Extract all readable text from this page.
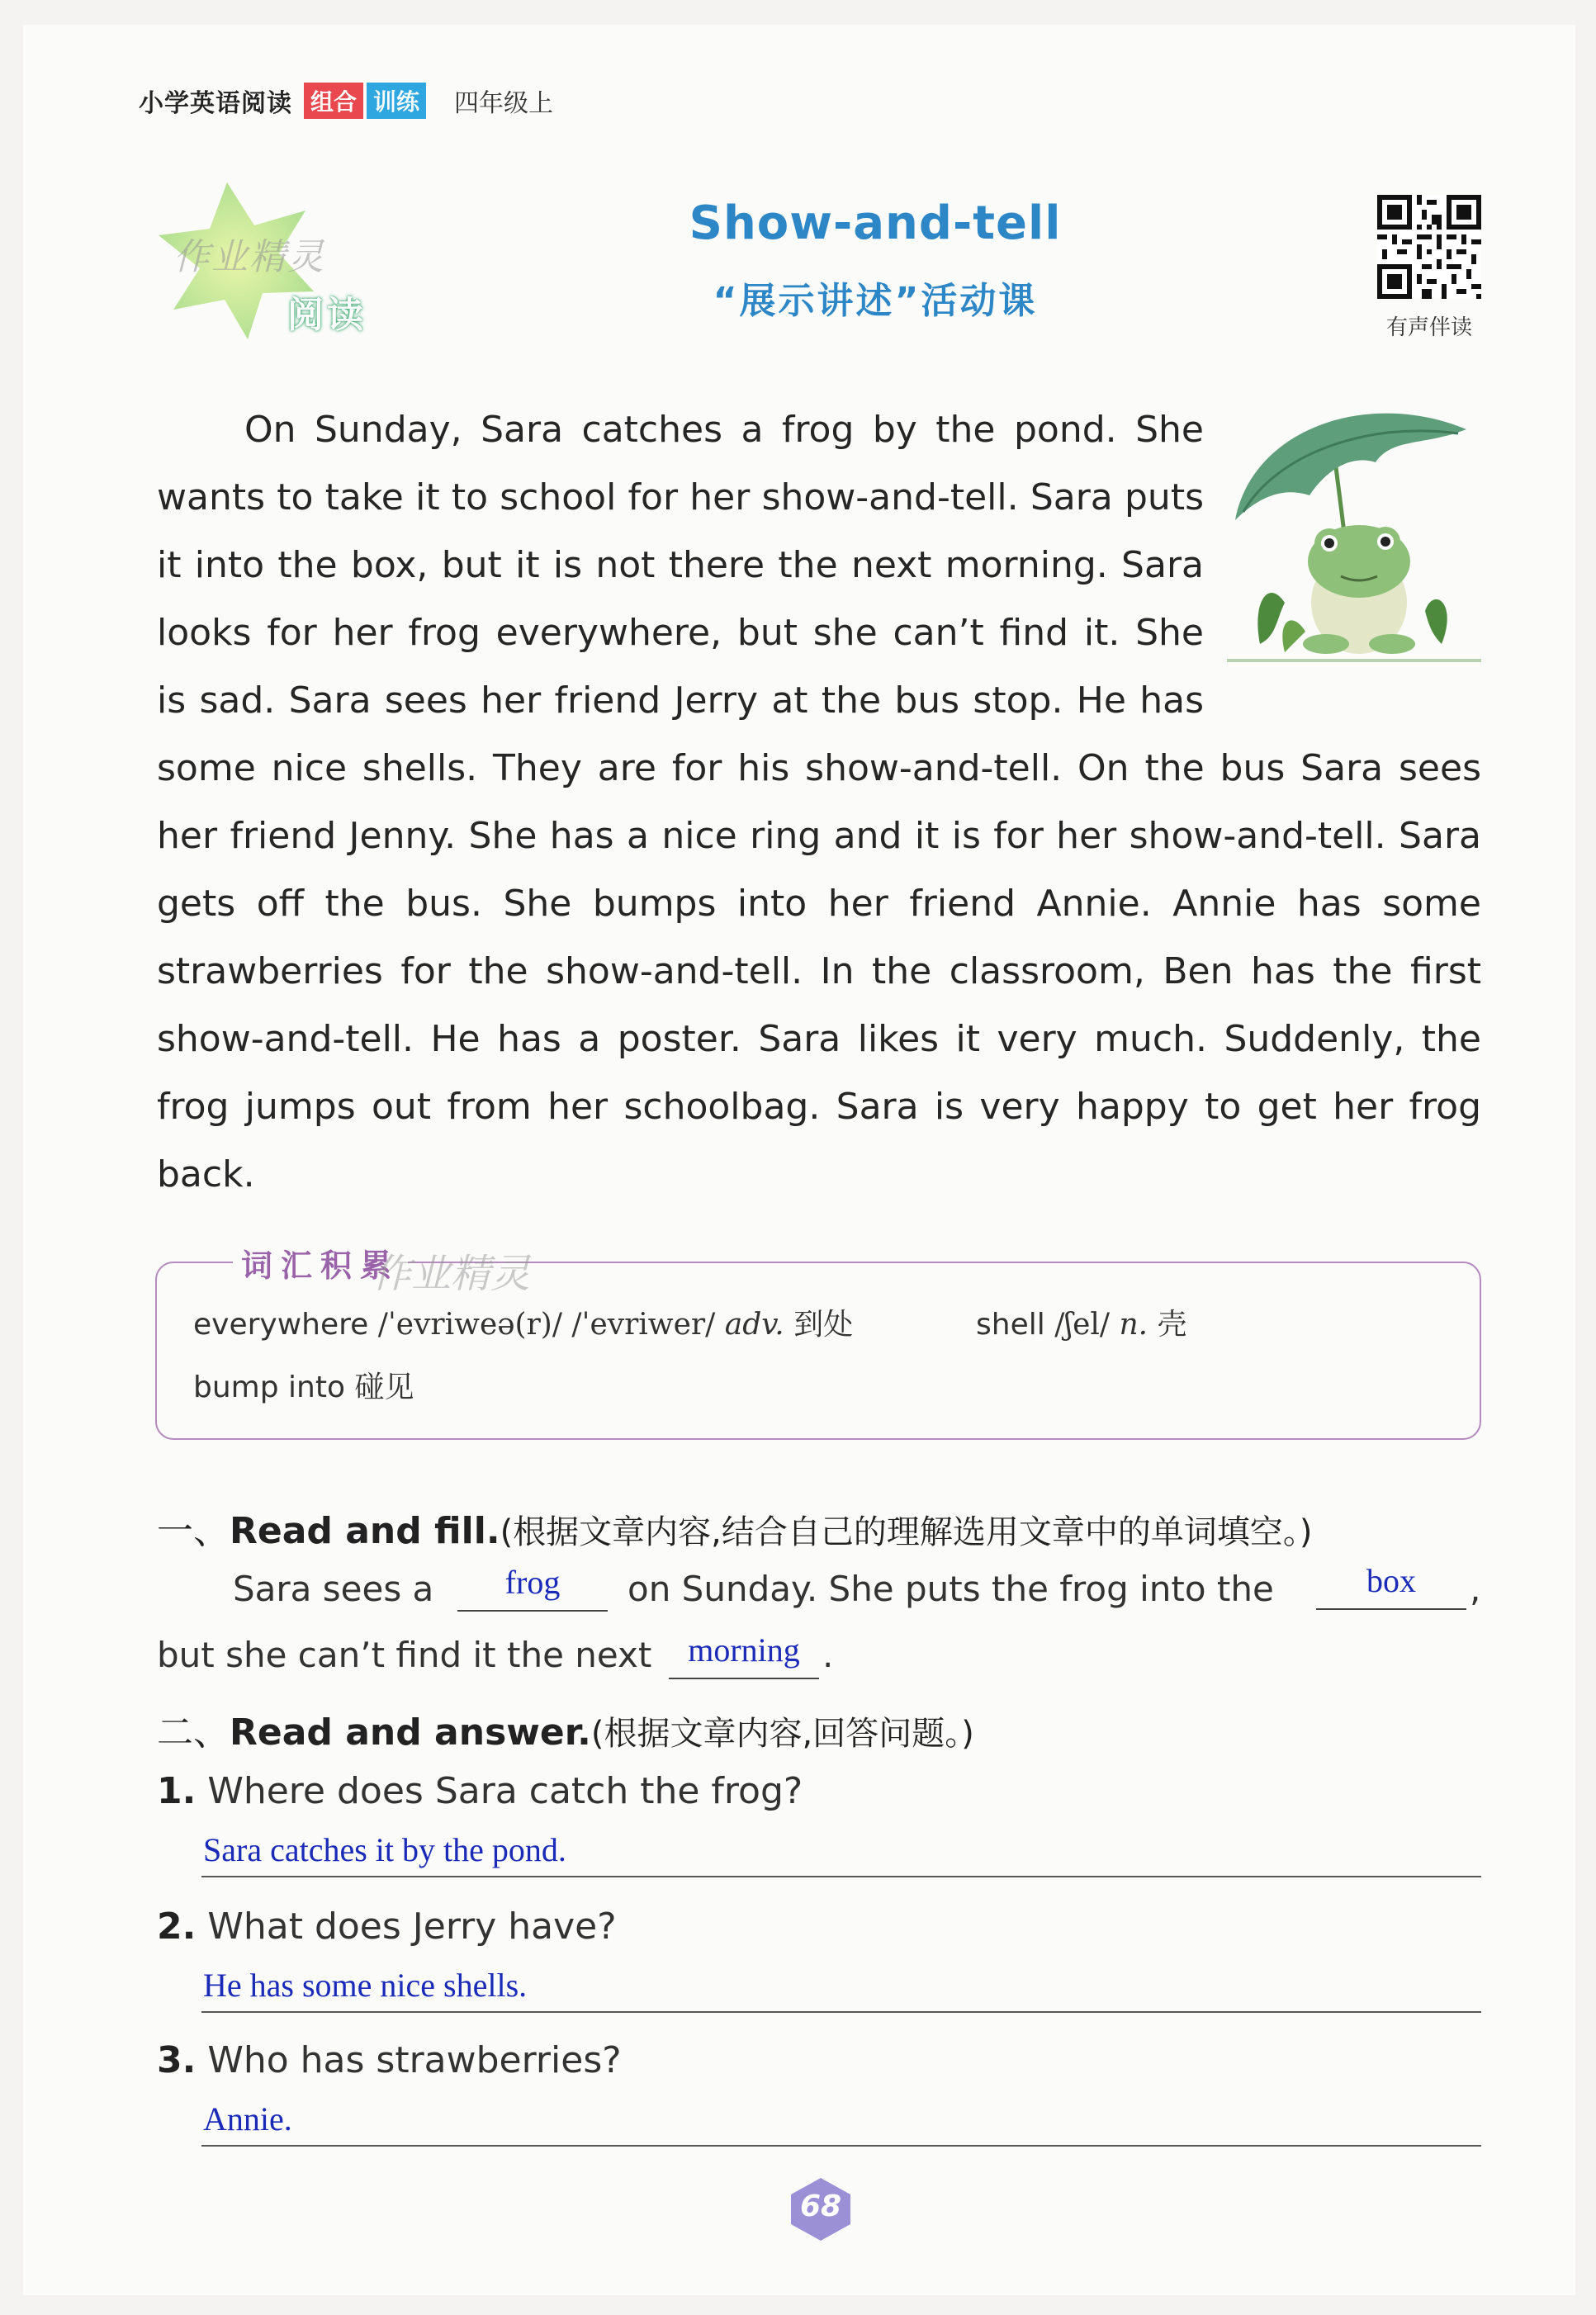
小学英语阅读 组合 训练 四年级上
作业精灵
阅读
Show-and-tell
“展示讲述”活动课
有声伴读

On Sunday, Sara catches a frog by the pond. She wants to take it to school for her show-and-tell. Sara puts it into the box, but it is not there the next morning. Sara looks for her frog everywhere, but she can’t find it. She is sad. Sara sees her friend Jerry at the bus stop. He has some nice shells. They are for his show-and-tell. On the bus Sara sees her friend Jenny. She has a nice ring and it is for her show-and-tell. Sara gets off the bus. She bumps into her friend Annie. Annie has some strawberries for the show-and-tell. In the classroom, Ben has the first show-and-tell. He has a poster. Sara likes it very much. Suddenly, the frog jumps out from her schoolbag. Sara is very happy to get her frog back.

词汇积累
作业精灵
everywhere /ˈevriweə(r)/ /ˈevriwer/ adv. 到处	shell /ʃel/ n. 壳
bump into 碰见
一、Read and fill.(根据文章内容,结合自己的理解选用文章中的单词填空。)
Sara sees a	frog	on Sunday. She puts the frog into the	box	,
but she can’t find it the next	morning .
二、Read and answer.(根据文章内容,回答问题。)
1. Where does Sara catch the frog?
Sara catches it by the pond.
2. What does Jerry have?
He has some nice shells.
3. Who has strawberries?
Annie.
68
